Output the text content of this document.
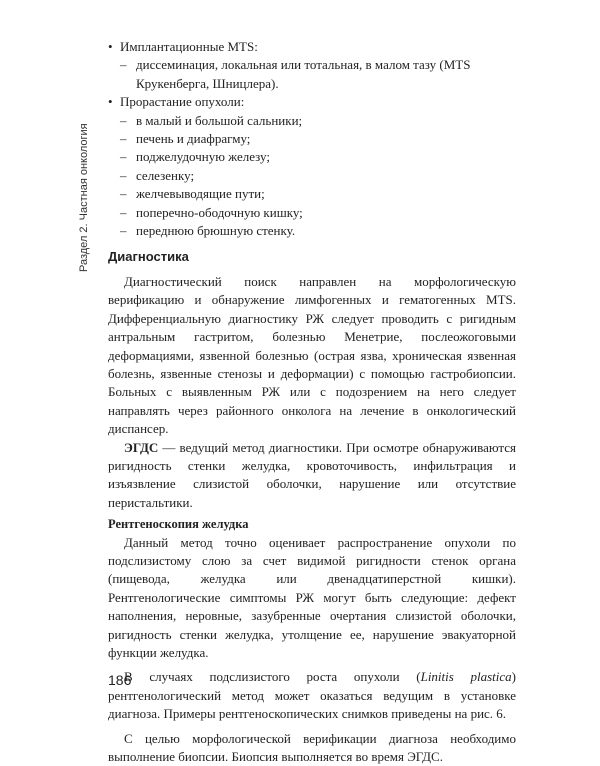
Раздел 2. Частная онкология
• Имплантационные MTS:
– диссеминация, локальная или тотальная, в малом тазу (MTS Крукенберга, Шницлера).
• Прорастание опухоли:
– в малый и большой сальники;
– печень и диафрагму;
– поджелудочную железу;
– селезенку;
– желчевыводящие пути;
– поперечно-ободочную кишку;
– переднюю брюшную стенку.
Диагностика

Диагностический поиск направлен на морфологическую верификацию и обнаружение лимфогенных и гематогенных MTS. Дифференциальную диагностику РЖ следует проводить с ригидным антральным гастритом, болезнью Менетрие, послеожоговыми деформациями, язвенной болезнью (острая язва, хроническая язвенная болезнь, язвенные стенозы и деформации) с помощью гастробиопсии. Больных с выявленным РЖ или с подозрением на него следует направлять через районного онколога на лечение в онкологический диспансер.

ЭГДС — ведущий метод диагностики. При осмотре обнаруживаются ригидность стенки желудка, кровоточивость, инфильтрация и изъязвление слизистой оболочки, нарушение или отсутствие перистальтики.

Рентгеноскопия желудка

Данный метод точно оценивает распространение опухоли по подслизистому слою за счет видимой ригидности стенок органа (пищевода, желудка или двенадцатиперстной кишки). Рентгенологические симптомы РЖ могут быть следующие: дефект наполнения, неровные, зазубренные очертания слизистой оболочки, ригидность стенки желудка, утолщение ее, нарушение эвакуаторной функции желудка.

В случаях подслизистого роста опухоли (Linitis plastica) рентгенологический метод может оказаться ведущим в установке диагноза. Примеры рентгеноскопических снимков приведены на рис. 6.

С целью морфологической верификации диагноза необходимо выполнение биопсии. Биопсия выполняется во время ЭГДС.

186
